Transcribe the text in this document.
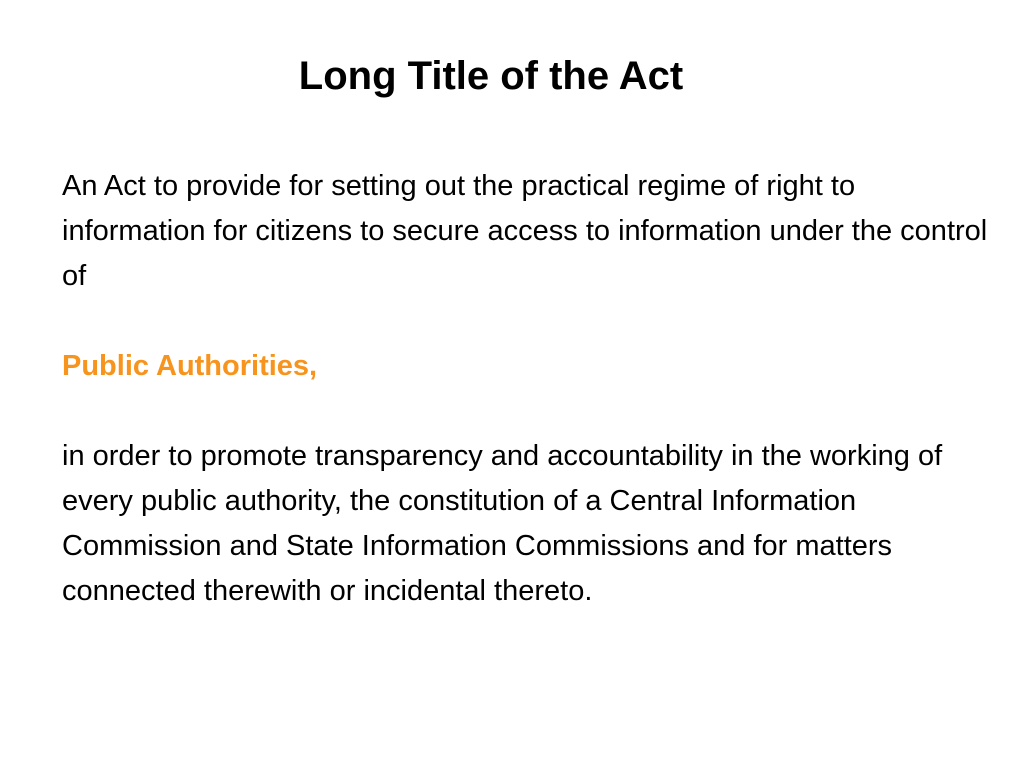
Long Title of the Act

An Act to provide for setting out the practical regime of right to information for citizens to secure access to information under the control of

Public Authorities,

in order to promote transparency and accountability in the working of every public authority, the constitution of a Central Information Commission and State Information Commissions and for matters connected therewith or incidental thereto.
